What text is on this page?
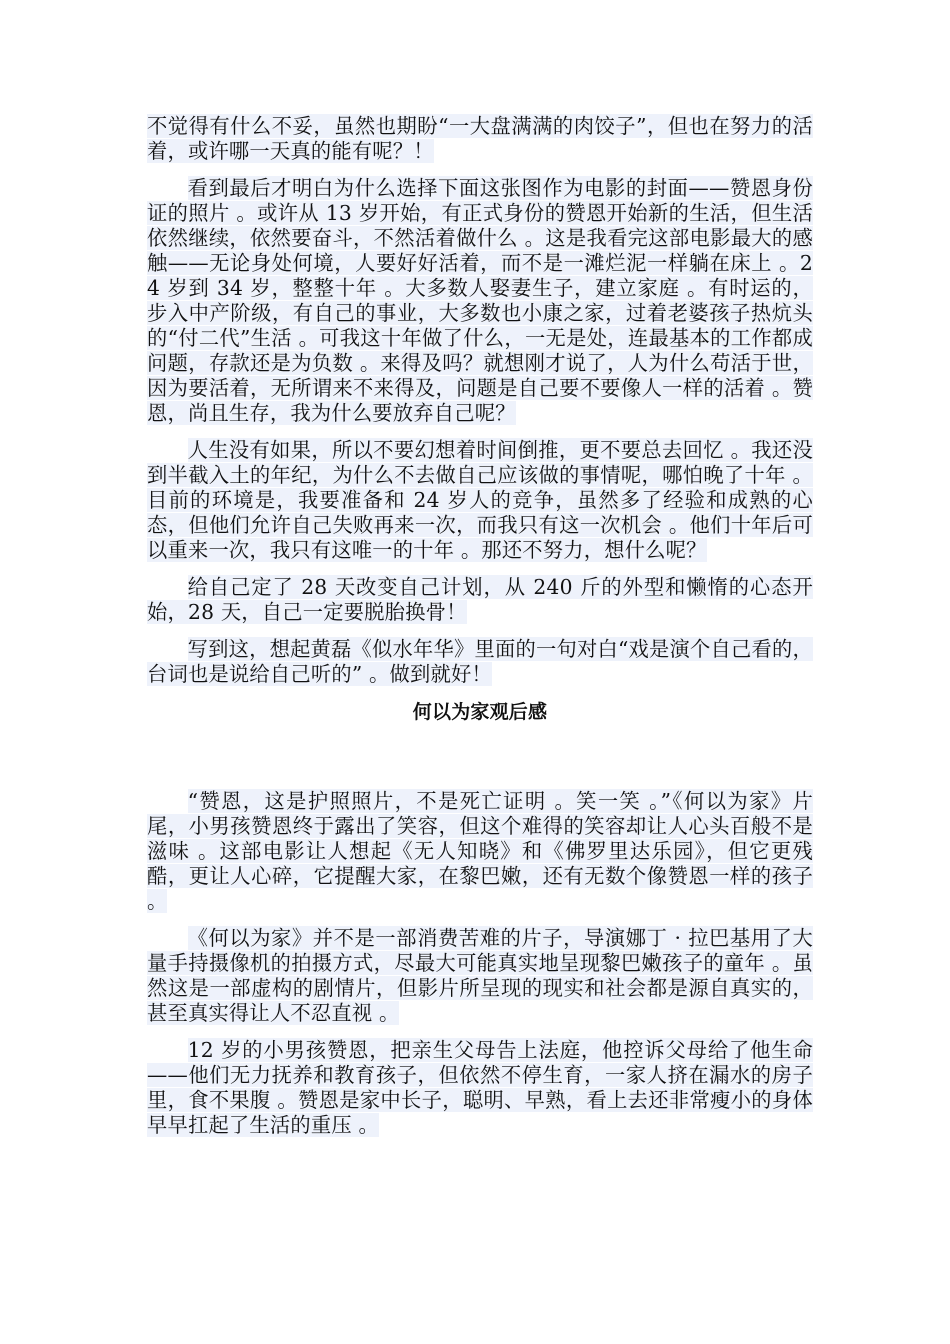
不觉得有什么不妥，虽然也期盼“一大盘满满的肉饺子”，但也在努力的活着，或许哪一天真的能有呢？！

看到最后才明白为什么选择下面这张图作为电影的封面——赞恩身份证的照片 。或许从 13 岁开始，有正式身份的赞恩开始新的生活，但生活依然继续，依然要奋斗，不然活着做什么 。这是我看完这部电影最大的感触——无论身处何境，人要好好活着，而不是一滩烂泥一样躺在床上 。24 岁到 34 岁，整整十年 。大多数人娶妻生子，建立家庭 。有时运的，步入中产阶级，有自己的事业，大多数也小康之家，过着老婆孩子热炕头的“付二代”生活 。可我这十年做了什么，一无是处，连最基本的工作都成问题，存款还是为负数 。来得及吗？就想刚才说了，人为什么苟活于世，因为要活着，无所谓来不来得及，问题是自己要不要像人一样的活着 。赞恩，尚且生存，我为什么要放弃自己呢？

人生没有如果，所以不要幻想着时间倒推，更不要总去回忆 。我还没到半截入土的年纪，为什么不去做自己应该做的事情呢，哪怕晚了十年 。目前的环境是，我要准备和 24 岁人的竞争，虽然多了经验和成熟的心态，但他们允许自己失败再来一次，而我只有这一次机会 。他们十年后可以重来一次，我只有这唯一的十年 。那还不努力，想什么呢？

给自己定了 28 天改变自己计划，从 240 斤的外型和懒惰的心态开始，28 天，自己一定要脱胎换骨！

写到这，想起黄磊《似水年华》里面的一句对白“戏是演个自己看的，台词也是说给自己听的” 。做到就好！

何以为家观后感

“赞恩，这是护照照片，不是死亡证明 。笑一笑 。”《何以为家》片尾，小男孩赞恩终于露出了笑容，但这个难得的笑容却让人心头百般不是滋味 。这部电影让人想起《无人知晓》和《佛罗里达乐园》，但它更残酷，更让人心碎，它提醒大家，在黎巴嫩，还有无数个像赞恩一样的孩子 。

《何以为家》并不是一部消费苦难的片子，导演娜丁 · 拉巴基用了大量手持摄像机的拍摄方式，尽最大可能真实地呈现黎巴嫩孩子的童年 。虽然这是一部虚构的剧情片，但影片所呈现的现实和社会都是源自真实的，甚至真实得让人不忍直视 。

12 岁的小男孩赞恩，把亲生父母告上法庭，他控诉父母给了他生命——他们无力抚养和教育孩子，但依然不停生育，一家人挤在漏水的房子里，食不果腹 。赞恩是家中长子，聪明、早熟，看上去还非常瘦小的身体早早扛起了生活的重压 。
